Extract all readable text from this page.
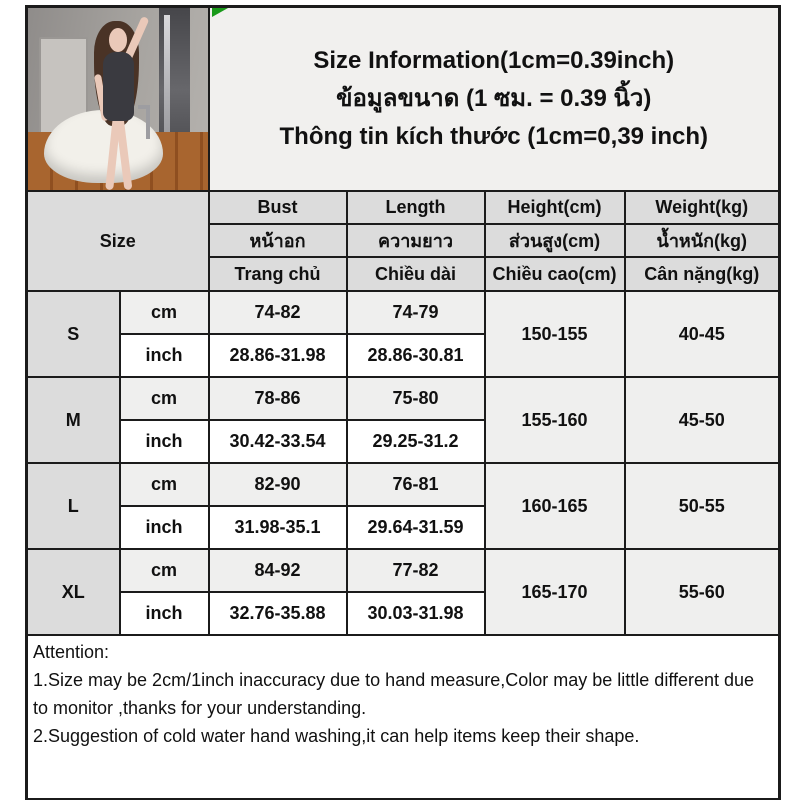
		Size Information(1cm=0.39inch)
ข้อมูลขนาด (1 ซม. = 0.39 นิ้ว)
Thông tin kích thước (1cm=0,39 inch)			

Size		Bust	Length	Height(cm)	Weight(kg)
		หน้าอก	ความยาว	ส่วนสูง(cm)	น้ำหนัก(kg)
		Trang chủ	Chiều dài	Chiều cao(cm)	Cân nặng(kg)
S	cm	74-82	74-79	150-155	40-45
	inch	28.86-31.98	28.86-30.81		
M	cm	78-86	75-80	155-160	45-50
	inch	30.42-33.54	29.25-31.2		
L	cm	82-90	76-81	160-165	50-55
	inch	31.98-35.1	29.64-31.59		
XL	cm	84-92	77-82	165-170	55-60
	inch	32.76-35.88	30.03-31.98		

Attention:
1.Size may be 2cm/1inch inaccuracy due to hand measure,Color may be little different due to monitor ,thanks for your understanding.
2.Suggestion of cold water hand washing,it can help items keep their shape.					
